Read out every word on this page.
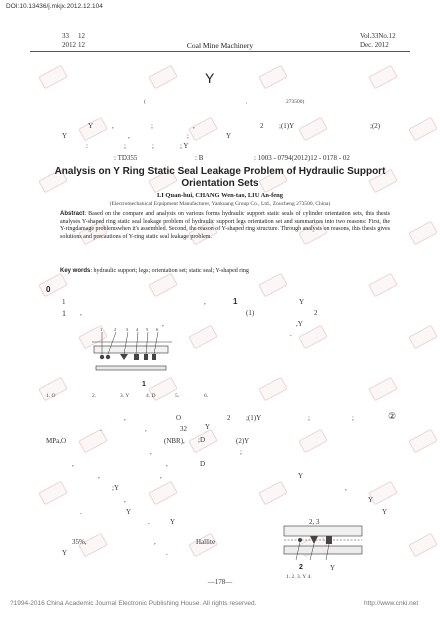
DOI:10.13436/j.mkjx.2012.12.104
33 12
2012 12	Coal Mine Machinery
Vol.33No.12
Dec. 2012
Y
(	,	273500)
Y	,	;	,	2 ;(1)Y	;(2)
Y	,	;	Y
:	;	;	; Y
: TD355	: B	: 1003 - 0794(2012)12 - 0178 - 02
Analysis on Y Ring Static Seal Leakage Problem of Hydraulic Support Orientation Sets
LI Quan-hui, CHANG Wen-tao, LIU An-feng
(Electromechanical Equipment Manufacturer, Yankuang Group Co., Ltd., Zoucheng 273500, China)
Abstract: Based on the compare and analysis on various forms hydraulic support static seals of cylinder orientation sets, this thesis analyses Y-shaped ring static seal leakage problem of hydraulic support legs orientation set and summarizes into two reasons: First, the Y-ringdamage problemswhen it's assembled. Second, the reason of Y-shaped ring structure. Through analysis on reasons, this thesis gives solutions and precautions of Y-ring static seal leakage problem.
Key words: hydraulic support; legs; orientation set; static seal; Y-shaped ring
0
1	,	1
1 ,	(1)
,
Y
2
,Y
.
1	2 3 4 5 6
1
1. O	2.	3. Y	4. D	5.	6.
,	O	2 ;(1)Y	;	;	②
.	,	32	Y
MPa,O	(NBR),	(2)Y
,
;D
;
,	,	D
,	,	Y
;Y	,
Y
.
,
Y	Y
.	Y
35%,	,	Hallite
Y	.
2, 3
2	Y
1. 2. 3. Y 4.
—178—
?1994-2016 China Academic Journal Electronic Publishing House. All rights reserved.	http://www.cnki.net
